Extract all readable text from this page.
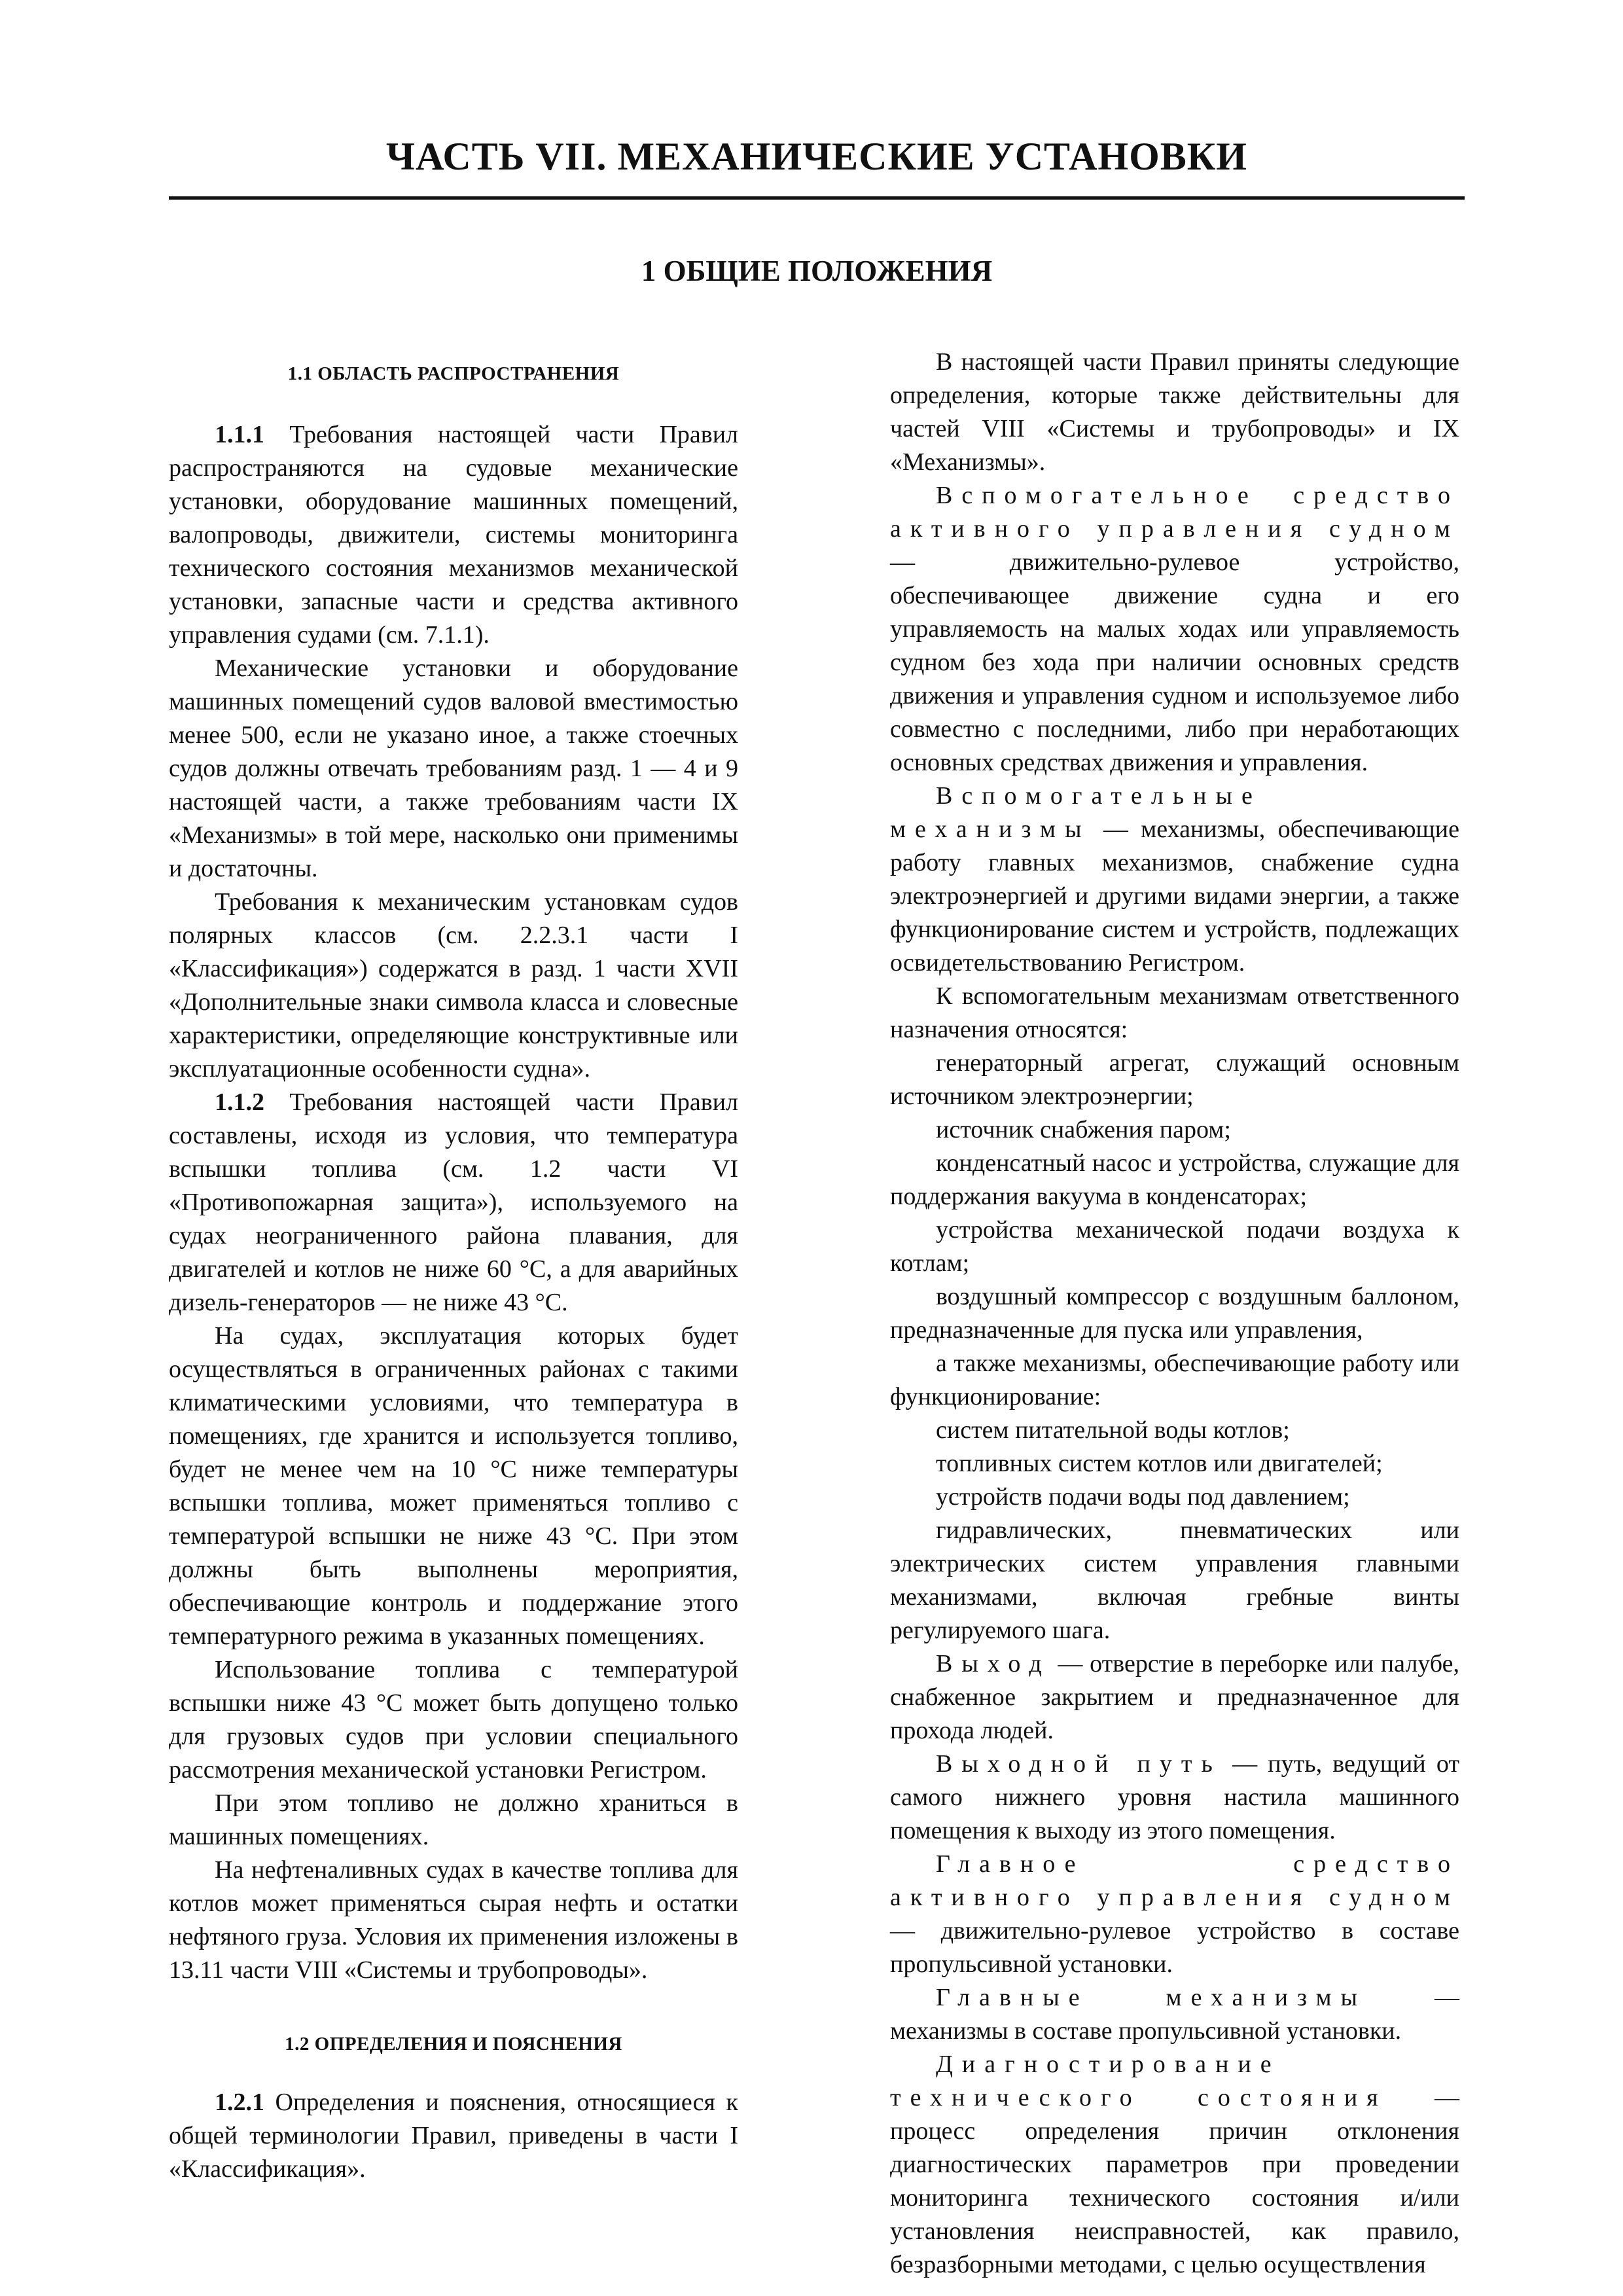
ЧАСТЬ VII. МЕХАНИЧЕСКИЕ УСТАНОВКИ
1 ОБЩИЕ ПОЛОЖЕНИЯ

1.1 ОБЛАСТЬ РАСПРОСТРАНЕНИЯ

1.1.1 Требования настоящей части Правил распространяются на судовые механические установки, оборудование машинных помещений, валопроводы, движители, системы мониторинга технического состояния механизмов механической установки, запасные части и средства активного управления судами (см. 7.1.1).

Механические установки и оборудование машинных помещений судов валовой вместимостью менее 500, если не указано иное, а также стоечных судов должны отвечать требованиям разд. 1 — 4 и 9 настоящей части, а также требованиям части IX «Механизмы» в той мере, насколько они применимы и достаточны.

Требования к механическим установкам судов полярных классов (см. 2.2.3.1 части I «Классификация») содержатся в разд. 1 части XVII «Дополнительные знаки символа класса и словесные характеристики, определяющие конструктивные или эксплуатационные особенности судна».

1.1.2 Требования настоящей части Правил составлены, исходя из условия, что температура вспышки топлива (см. 1.2 части VI «Противопожарная защита»), используемого на судах неограниченного района плавания, для двигателей и котлов не ниже 60 °С, а для аварийных дизель-генераторов — не ниже 43 °С.

На судах, эксплуатация которых будет осуществляться в ограниченных районах с такими климатическими условиями, что температура в помещениях, где хранится и используется топливо, будет не менее чем на 10 °С ниже температуры вспышки топлива, может применяться топливо с температурой вспышки не ниже 43 °С. При этом должны быть выполнены мероприятия, обеспечивающие контроль и поддержание этого температурного режима в указанных помещениях.

Использование топлива с температурой вспышки ниже 43 °С может быть допущено только для грузовых судов при условии специального рассмотрения механической установки Регистром.

При этом топливо не должно храниться в машинных помещениях.

На нефтеналивных судах в качестве топлива для котлов может применяться сырая нефть и остатки нефтяного груза. Условия их применения изложены в 13.11 части VIII «Системы и трубопроводы».

1.2 ОПРЕДЕЛЕНИЯ И ПОЯСНЕНИЯ

1.2.1 Определения и пояснения, относящиеся к общей терминологии Правил, приведены в части I «Классификация».

В настоящей части Правил приняты следующие определения, которые также действительны для частей VIII «Системы и трубопроводы» и IX «Механизмы».

Вспомогательное средство активного управления судном — движительно-рулевое устройство, обеспечивающее движение судна и его управляемость на малых ходах или управляемость судном без хода при наличии основных средств движения и управления судном и используемое либо совместно с последними, либо при неработающих основных средствах движения и управления.

Вспомогательные механизмы — механизмы, обеспечивающие работу главных механизмов, снабжение судна электроэнергией и другими видами энергии, а также функционирование систем и устройств, подлежащих освидетельствованию Регистром.

К вспомогательным механизмам ответственного назначения относятся:

генераторный агрегат, служащий основным источником электроэнергии;

источник снабжения паром;

конденсатный насос и устройства, служащие для поддержания вакуума в конденсаторах;

устройства механической подачи воздуха к котлам;

воздушный компрессор с воздушным баллоном, предназначенные для пуска или управления,

а также механизмы, обеспечивающие работу или функционирование:

систем питательной воды котлов;

топливных систем котлов или двигателей;

устройств подачи воды под давлением;

гидравлических, пневматических или электрических систем управления главными механизмами, включая гребные винты регулируемого шага.

Выход — отверстие в переборке или палубе, снабженное закрытием и предназначенное для прохода людей.

Выходной путь — путь, ведущий от самого нижнего уровня настила машинного помещения к выходу из этого помещения.

Главное средство активного управления судном — движительно-рулевое устройство в составе пропульсивной установки.

Главные механизмы — механизмы в составе пропульсивной установки.

Диагностирование технического состояния — процесс определения причин отклонения диагностических параметров при проведении мониторинга технического состояния и/или установления неисправностей, как правило, безразборными методами, с целью осуществления
